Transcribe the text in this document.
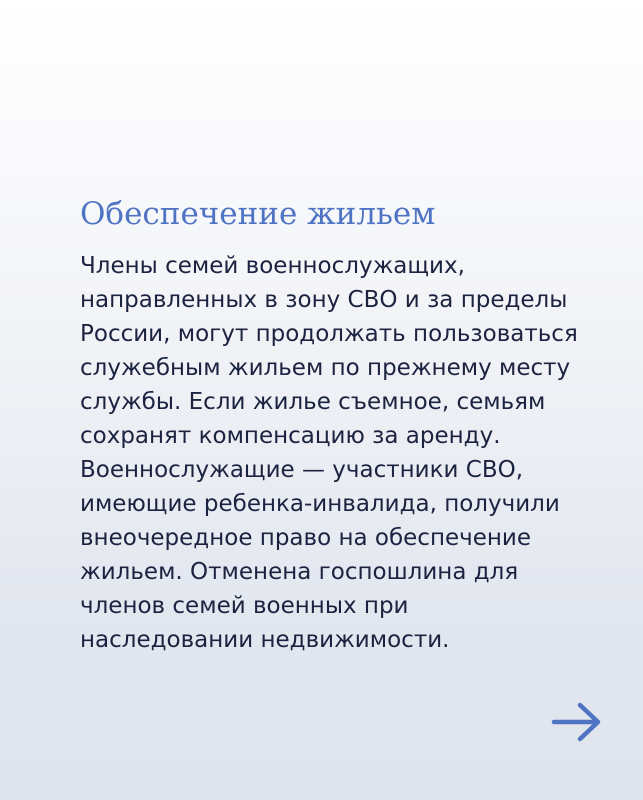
Обеспечение жильем

Члены семей военнослужащих,
направленных в зону СВО и за пределы
России, могут продолжать пользоваться
служебным жильем по прежнему месту
службы. Если жилье съемное, семьям
сохранят компенсацию за аренду.
Военнослужащие — участники СВО,
имеющие ребенка-инвалида, получили
внеочередное право на обеспечение
жильем. Отменена госпошлина для
членов семей военных при
наследовании недвижимости.
